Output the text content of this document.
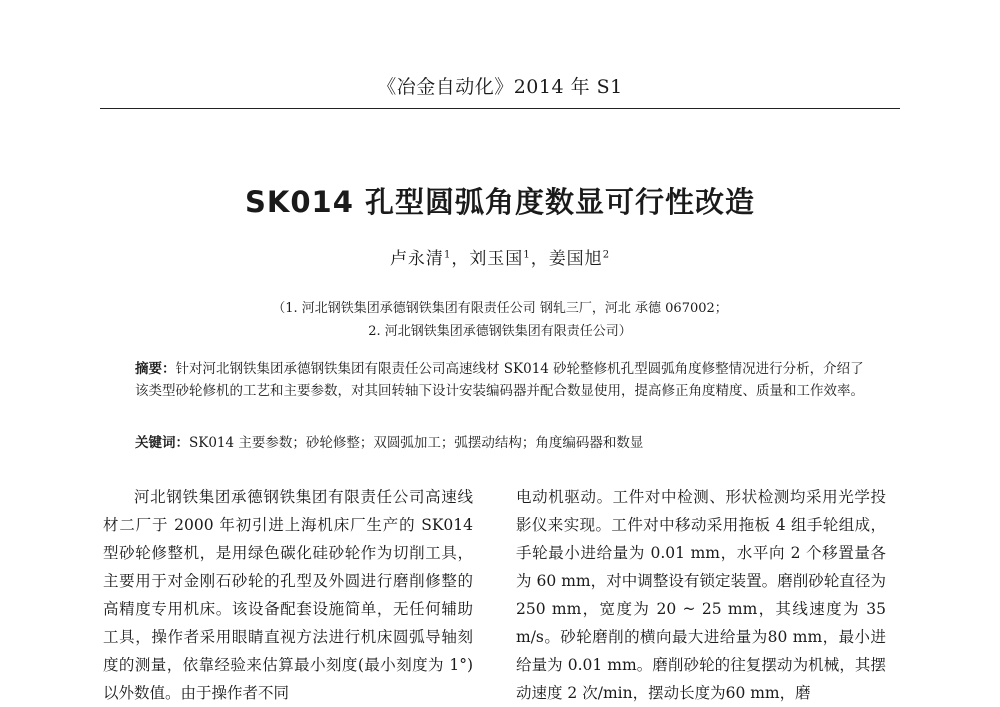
《冶金自动化》2014 年 S1
SK014 孔型圆弧角度数显可行性改造
卢永清$^1$，刘玉国$^1$，姜国旭$^2$
（1. 河北钢铁集团承德钢铁集团有限责任公司 钢轧三厂，河北 承德 067002；
2. 河北钢铁集团承德钢铁集团有限责任公司）
摘要：针对河北钢铁集团承德钢铁集团有限责任公司高速线材 SK014 砂轮整修机孔型圆弧角度修整情况进行分析，介绍了该类型砂轮修机的工艺和主要参数，对其回转轴下设计安装编码器并配合数显使用，提高修正角度精度、质量和工作效率。
关键词：SK014 主要参数；砂轮修整；双圆弧加工；弧摆动结构；角度编码器和数显
河北钢铁集团承德钢铁集团有限责任公司高速线材二厂于 2000 年初引进上海机床厂生产的 SK014 型砂轮修整机，是用绿色碳化硅砂轮作为切削工具，主要用于对金刚石砂轮的孔型及外圆进行磨削修整的高精度专用机床。该设备配套设施简单，无任何辅助工具，操作者采用眼睛直视方法进行机床圆弧导轴刻度的测量，依靠经验来估算最小刻度(最小刻度为 1°)以外数值。由于操作者不同
电动机驱动。工件对中检测、形状检测均采用光学投影仪来实现。工件对中移动采用拖板 4 组手轮组成，手轮最小进给量为 0.01 mm，水平向 2 个移置量各为 60 mm，对中调整设有锁定装置。磨削砂轮直径为 250 mm，宽度为 20 ~ 25 mm，其线速度为 35 m/s。砂轮磨削的横向最大进给量为80 mm，最小进给量为 0.01 mm。磨削砂轮的往复摆动为机械，其摆动速度 2 次/min，摆动长度为60 mm，磨
